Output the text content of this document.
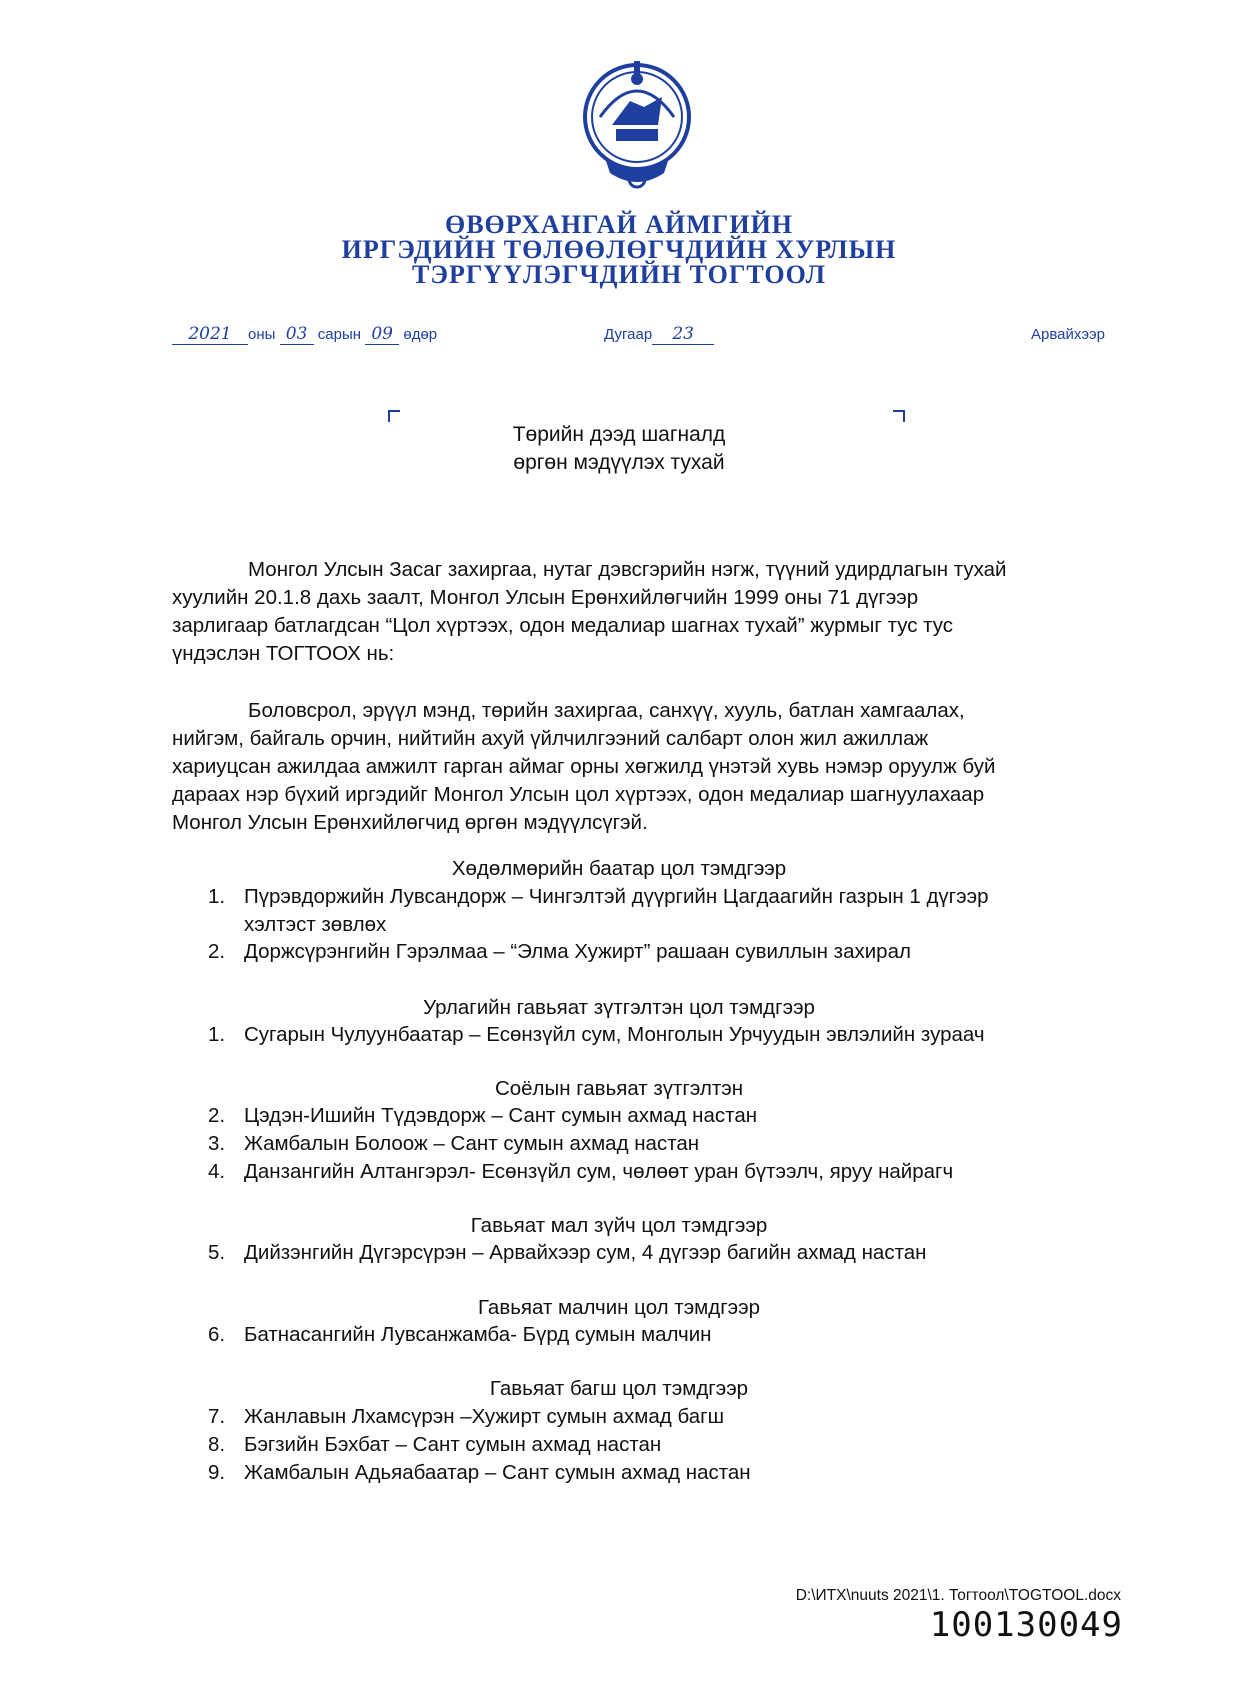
ӨВӨРХАНГАЙ АЙМГИЙН
ИРГЭДИЙН ТӨЛӨӨЛӨГЧДИЙН ХУРЛЫН
ТЭРГҮҮЛЭГЧДИЙН ТОГТООЛ
2021 оны 03 сарын 09 өдөр	Дугаар 23	Арвайхээр
Төрийн дээд шагналд
өргөн мэдүүлэх тухай
Монгол Улсын Засаг захиргаа, нутаг дэвсгэрийн нэгж, түүний удирдлагын тухай
хуулийн 20.1.8 дахь заалт, Монгол Улсын Ерөнхийлөгчийн 1999 оны 71 дүгээр
зарлигаар батлагдсан “Цол хүртээх, одон медалиар шагнах тухай” журмыг тус тус
үндэслэн ТОГТООХ нь:
Боловсрол, эрүүл мэнд, төрийн захиргаа, санхүү, хууль, батлан хамгаалах,
нийгэм, байгаль орчин, нийтийн ахуй үйлчилгээний салбарт олон жил ажиллаж
хариуцсан ажилдаа амжилт гарган аймаг орны хөгжилд үнэтэй хувь нэмэр оруулж буй
дараах нэр бүхий иргэдийг Монгол Улсын цол хүртээх, одон медалиар шагнуулахаар
Монгол Улсын Ерөнхийлөгчид өргөн мэдүүлсүгэй.
Хөдөлмөрийн баатар цол тэмдгээр
1. Пүрэвдоржийн Лувсандорж – Чингэлтэй дүүргийн Цагдаагийн газрын 1 дүгээр
хэлтэст зөвлөх
2. Доржсүрэнгийн Гэрэлмаа – “Элма Хужирт” рашаан сувиллын захирал
Урлагийн гавьяат зүтгэлтэн цол тэмдгээр
1. Сугарын Чулуунбаатар – Есөнзүйл сум, Монголын Урчуудын эвлэлийн зураач
Соёлын гавьяат зүтгэлтэн
2. Цэдэн-Ишийн Түдэвдорж – Сант сумын ахмад настан
3. Жамбалын Болоож – Сант сумын ахмад настан
4. Данзангийн Алтангэрэл- Есөнзүйл сум, чөлөөт уран бүтээлч, яруу найрагч
Гавьяат мал зүйч цол тэмдгээр
5. Дийзэнгийн Дүгэрсүрэн – Арвайхээр сум, 4 дүгээр багийн ахмад настан
Гавьяат малчин цол тэмдгээр
6. Батнасангийн Лувсанжамба- Бүрд сумын малчин
Гавьяат багш цол тэмдгээр
7. Жанлавын Лхамсүрэн –Хужирт сумын ахмад багш
8. Бэгзийн Бэхбат – Сант сумын ахмад настан
9. Жамбалын Адьяабаатар – Сант сумын ахмад настан
D:\ИТХ\nuuts 2021\1. Тогтоол\TOGTOOL.docx
100130049
